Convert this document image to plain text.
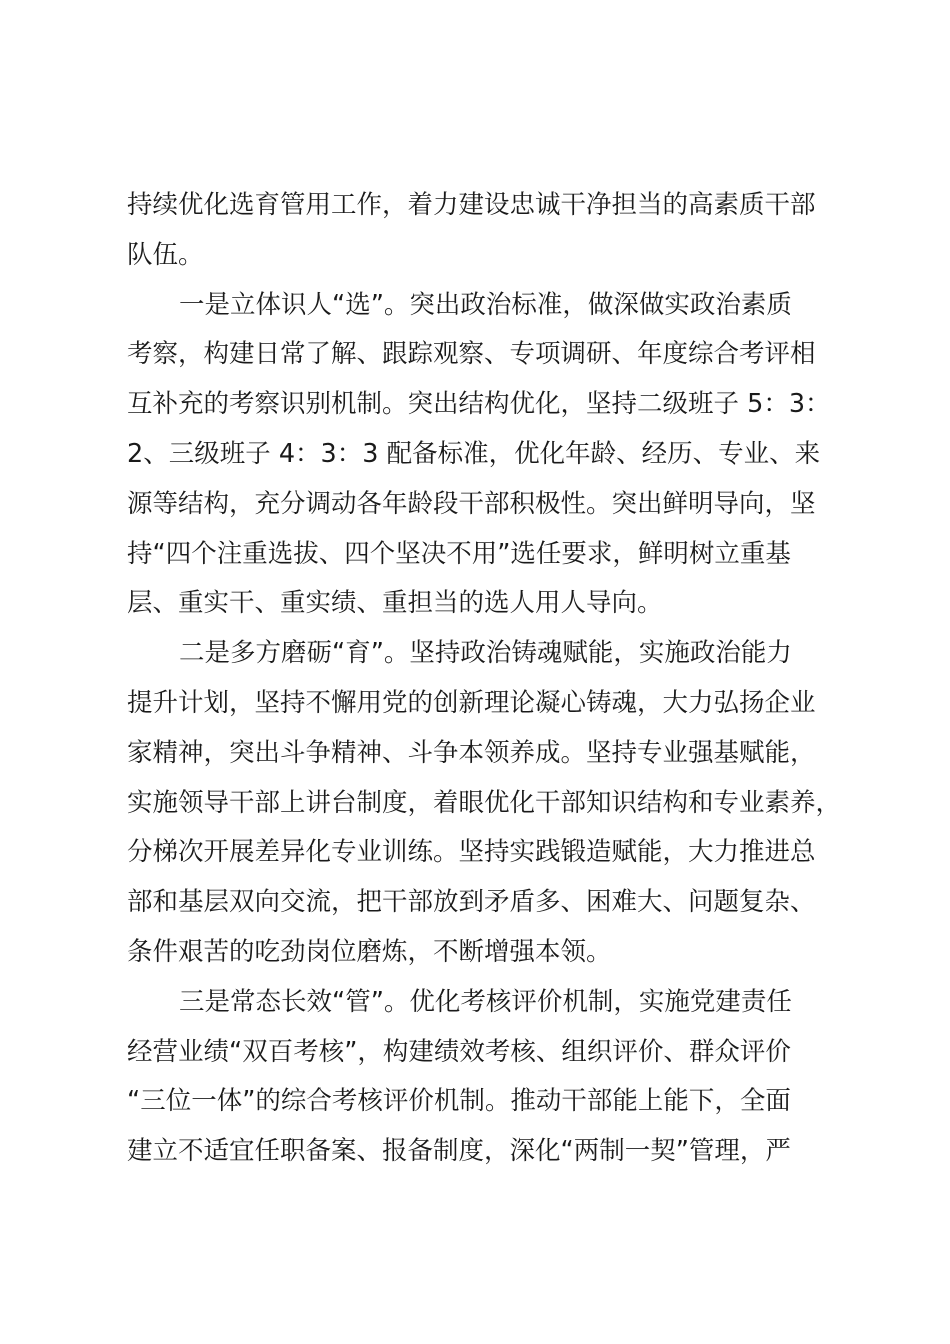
持续优化选育管用工作，着力建设忠诚干净担当的高素质干部
队伍。
一是立体识人“选”。突出政治标准，做深做实政治素质
考察，构建日常了解、跟踪观察、专项调研、年度综合考评相
互补充的考察识别机制。突出结构优化，坚持二级班子 5：3：
2、三级班子 4：3：3 配备标准，优化年龄、经历、专业、来
源等结构，充分调动各年龄段干部积极性。突出鲜明导向，坚
持“四个注重选拔、四个坚决不用”选任要求，鲜明树立重基
层、重实干、重实绩、重担当的选人用人导向。
二是多方磨砺“育”。坚持政治铸魂赋能，实施政治能力
提升计划，坚持不懈用党的创新理论凝心铸魂，大力弘扬企业
家精神，突出斗争精神、斗争本领养成。坚持专业强基赋能，
实施领导干部上讲台制度，着眼优化干部知识结构和专业素养，
分梯次开展差异化专业训练。坚持实践锻造赋能，大力推进总
部和基层双向交流，把干部放到矛盾多、困难大、问题复杂、
条件艰苦的吃劲岗位磨炼，不断增强本领。
三是常态长效“管”。优化考核评价机制，实施党建责任
经营业绩“双百考核”，构建绩效考核、组织评价、群众评价
“三位一体”的综合考核评价机制。推动干部能上能下，全面
建立不适宜任职备案、报备制度，深化“两制一契”管理，严
